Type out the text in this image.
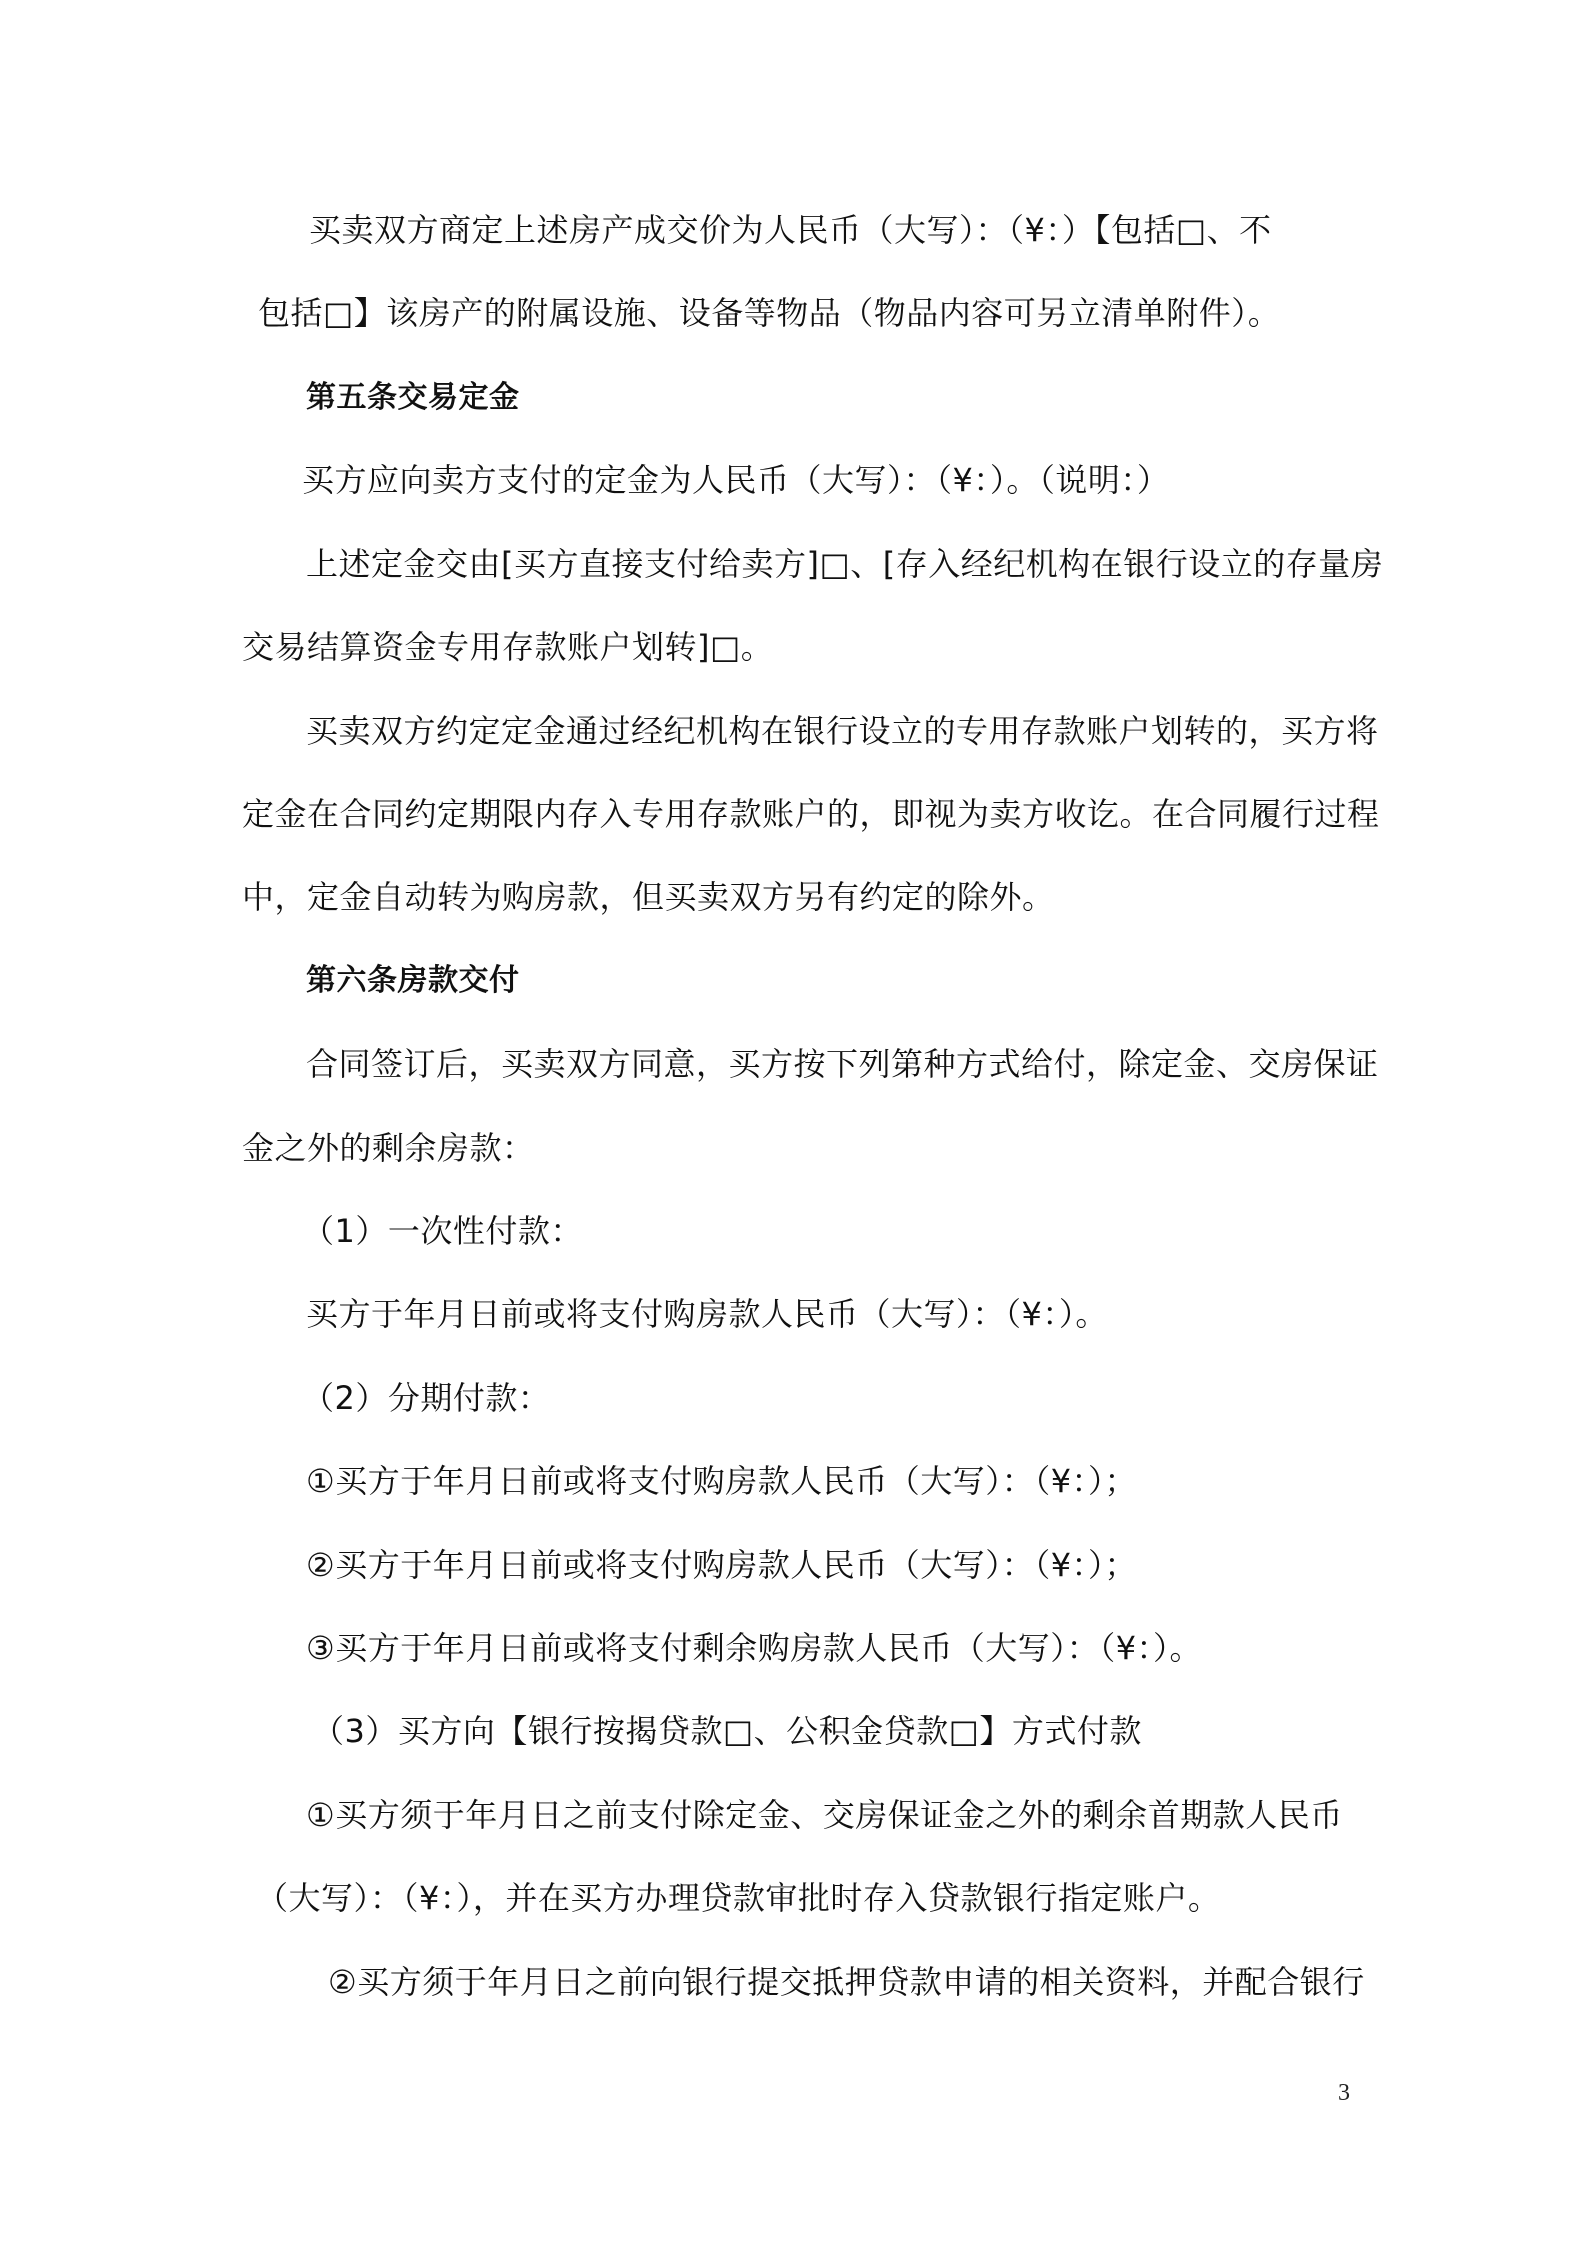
买卖双方商定上述房产成交价为人民币（大写）：（¥：）【包括□、不
包括□】该房产的附属设施、设备等物品（物品内容可另立清单附件）。
第五条交易定金
买方应向卖方支付的定金为人民币（大写）：（¥：）。（说明：）
上述定金交由[买方直接支付给卖方]□、[存入经纪机构在银行设立的存量房
交易结算资金专用存款账户划转]□。
买卖双方约定定金通过经纪机构在银行设立的专用存款账户划转的，买方将
定金在合同约定期限内存入专用存款账户的，即视为卖方收讫。在合同履行过程
中，定金自动转为购房款，但买卖双方另有约定的除外。
第六条房款交付
合同签订后，买卖双方同意，买方按下列第种方式给付，除定金、交房保证
金之外的剩余房款：
（1）一次性付款：
买方于年月日前或将支付购房款人民币（大写）：（¥：）。
（2）分期付款：
①买方于年月日前或将支付购房款人民币（大写）：（¥：）；
②买方于年月日前或将支付购房款人民币（大写）：（¥：）；
③买方于年月日前或将支付剩余购房款人民币（大写）：（¥：）。
（3）买方向【银行按揭贷款□、公积金贷款□】方式付款
①买方须于年月日之前支付除定金、交房保证金之外的剩余首期款人民币
（大写）：（¥：），并在买方办理贷款审批时存入贷款银行指定账户。
②买方须于年月日之前向银行提交抵押贷款申请的相关资料，并配合银行
3
